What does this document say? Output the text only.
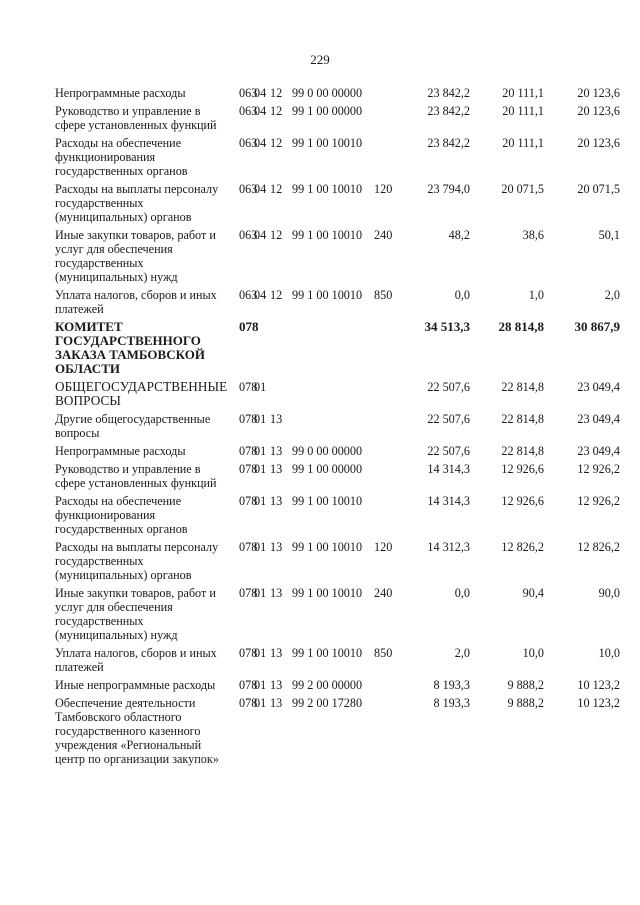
229
Непрограммные расходы	063	04	12	99 0 00 00000		23 842,2	20 111,1	20 123,6
Руководство и управление в сфере установленных функций	063	04	12	99 1 00 00000		23 842,2	20 111,1	20 123,6
Расходы на обеспечение функционирования государственных органов	063	04	12	99 1 00 10010		23 842,2	20 111,1	20 123,6
Расходы на выплаты персоналу государственных (муниципальных) органов	063	04	12	99 1 00 10010	120	23 794,0	20 071,5	20 071,5
Иные закупки товаров, работ и услуг для обеспечения государственных (муниципальных) нужд	063	04	12	99 1 00 10010	240	48,2	38,6	50,1
Уплата налогов, сборов и иных платежей	063	04	12	99 1 00 10010	850	0,0	1,0	2,0
КОМИТЕТ ГОСУДАРСТВЕННОГО ЗАКАЗА ТАМБОВСКОЙ ОБЛАСТИ	078					34 513,3	28 814,8	30 867,9
ОБЩЕГОСУДАРСТВЕННЫЕ ВОПРОСЫ	078	01				22 507,6	22 814,8	23 049,4
Другие общегосударственные вопросы	078	01	13			22 507,6	22 814,8	23 049,4
Непрограммные расходы	078	01	13	99 0 00 00000		22 507,6	22 814,8	23 049,4
Руководство и управление в сфере установленных функций	078	01	13	99 1 00 00000		14 314,3	12 926,6	12 926,2
Расходы на обеспечение функционирования государственных органов	078	01	13	99 1 00 10010		14 314,3	12 926,6	12 926,2
Расходы на выплаты персоналу государственных (муниципальных) органов	078	01	13	99 1 00 10010	120	14 312,3	12 826,2	12 826,2
Иные закупки товаров, работ и услуг для обеспечения государственных (муниципальных) нужд	078	01	13	99 1 00 10010	240	0,0	90,4	90,0
Уплата налогов, сборов и иных платежей	078	01	13	99 1 00 10010	850	2,0	10,0	10,0
Иные непрограммные расходы	078	01	13	99 2 00 00000		8 193,3	9 888,2	10 123,2
Обеспечение деятельности Тамбовского областного государственного казенного учреждения «Региональный центр по организации закупок»	078	01	13	99 2 00 17280		8 193,3	9 888,2	10 123,2
